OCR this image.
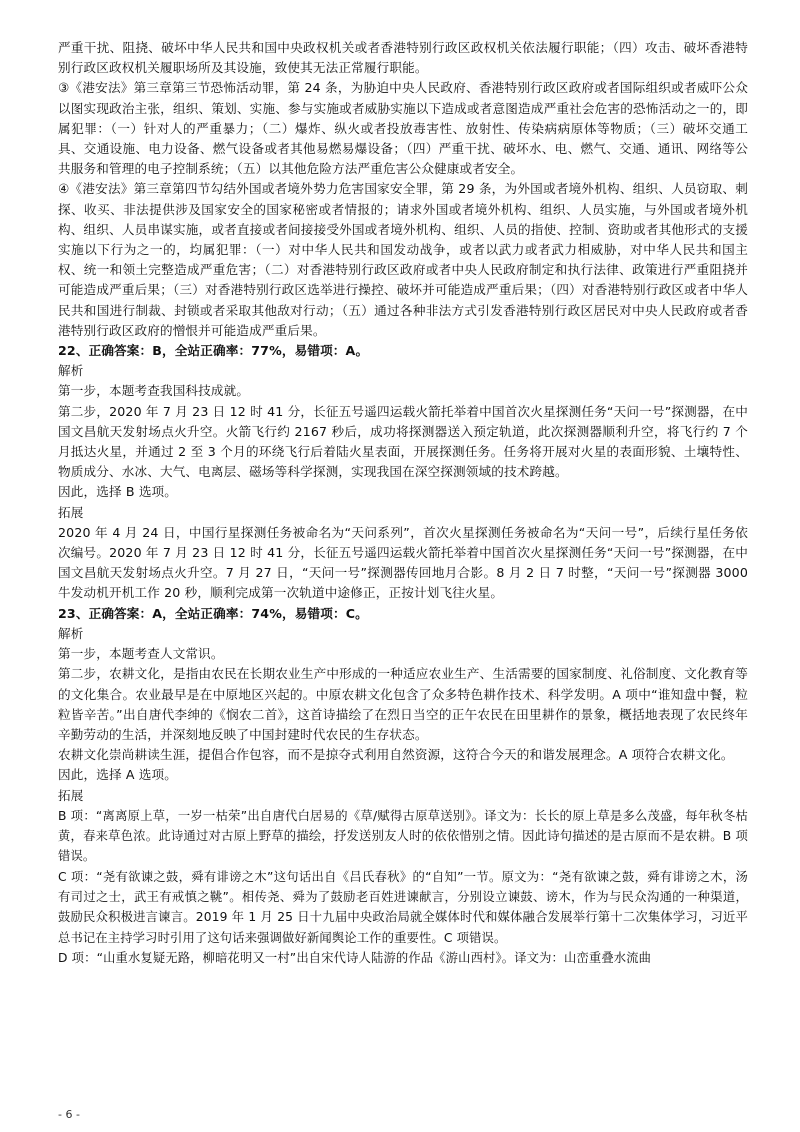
严重干扰、阻挠、破坏中华人民共和国中央政权机关或者香港特别行政区政权机关依法履行职能；（四）攻击、破坏香港特别行政区政权机关履职场所及其设施，致使其无法正常履行职能。

③《港安法》第三章第三节恐怖活动罪，第 24 条，为胁迫中央人民政府、香港特别行政区政府或者国际组织或者威吓公众以图实现政治主张，组织、策划、实施、参与实施或者威胁实施以下造成或者意图造成严重社会危害的恐怖活动之一的，即属犯罪：（一）针对人的严重暴力；（二）爆炸、纵火或者投放毒害性、放射性、传染病病原体等物质；（三）破坏交通工具、交通设施、电力设备、燃气设备或者其他易燃易爆设备；（四）严重干扰、破坏水、电、燃气、交通、通讯、网络等公共服务和管理的电子控制系统；（五）以其他危险方法严重危害公众健康或者安全。

④《港安法》第三章第四节勾结外国或者境外势力危害国家安全罪，第 29 条，为外国或者境外机构、组织、人员窃取、刺探、收买、非法提供涉及国家安全的国家秘密或者情报的；请求外国或者境外机构、组织、人员实施，与外国或者境外机构、组织、人员串谋实施，或者直接或者间接接受外国或者境外机构、组织、人员的指使、控制、资助或者其他形式的支援实施以下行为之一的，均属犯罪：（一）对中华人民共和国发动战争，或者以武力或者武力相威胁，对中华人民共和国主权、统一和领土完整造成严重危害；（二）对香港特别行政区政府或者中央人民政府制定和执行法律、政策进行严重阻挠并可能造成严重后果；（三）对香港特别行政区选举进行操控、破坏并可能造成严重后果；（四）对香港特别行政区或者中华人民共和国进行制裁、封锁或者采取其他敌对行动；（五）通过各种非法方式引发香港特别行政区居民对中央人民政府或者香港特别行政区政府的憎恨并可能造成严重后果。

22、正确答案：B，全站正确率：77%，易错项：A。

解析

第一步，本题考查我国科技成就。

第二步，2020 年 7 月 23 日 12 时 41 分，长征五号遥四运载火箭托举着中国首次火星探测任务“天问一号”探测器，在中国文昌航天发射场点火升空。火箭飞行约 2167 秒后，成功将探测器送入预定轨道，此次探测器顺利升空，将飞行约 7 个月抵达火星，并通过 2 至 3 个月的环绕飞行后着陆火星表面，开展探测任务。任务将开展对火星的表面形貌、土壤特性、物质成分、水冰、大气、电离层、磁场等科学探测，实现我国在深空探测领域的技术跨越。

因此，选择 B 选项。

拓展

2020 年 4 月 24 日，中国行星探测任务被命名为“天问系列”，首次火星探测任务被命名为“天问一号”，后续行星任务依次编号。2020 年 7 月 23 日 12 时 41 分，长征五号遥四运载火箭托举着中国首次火星探测任务“天问一号”探测器，在中国文昌航天发射场点火升空。7 月 27 日，“天问一号”探测器传回地月合影。8 月 2 日 7 时整，“天问一号”探测器 3000 牛发动机开机工作 20 秒，顺利完成第一次轨道中途修正，正按计划飞往火星。

23、正确答案：A，全站正确率：74%，易错项：C。

解析

第一步，本题考查人文常识。

第二步，农耕文化，是指由农民在长期农业生产中形成的一种适应农业生产、生活需要的国家制度、礼俗制度、文化教育等的文化集合。农业最早是在中原地区兴起的。中原农耕文化包含了众多特色耕作技术、科学发明。A 项中“谁知盘中餐，粒粒皆辛苦。”出自唐代李绅的《悯农二首》，这首诗描绘了在烈日当空的正午农民在田里耕作的景象，概括地表现了农民终年辛勤劳动的生活，并深刻地反映了中国封建时代农民的生存状态。

农耕文化崇尚耕读生涯，提倡合作包容，而不是掠夺式利用自然资源，这符合今天的和谐发展理念。A 项符合农耕文化。

因此，选择 A 选项。

拓展

B 项：“离离原上草，一岁一枯荣”出自唐代白居易的《草/赋得古原草送别》。译文为：长长的原上草是多么茂盛，每年秋冬枯黄，春来草色浓。此诗通过对古原上野草的描绘，抒发送别友人时的依依惜别之情。因此诗句描述的是古原而不是农耕。B 项错误。

C 项：“尧有欲谏之鼓，舜有诽谤之木”这句话出自《吕氏春秋》的“自知”一节。原文为：“尧有欲谏之鼓，舜有诽谤之木，汤有司过之士，武王有戒慎之鞉”。相传尧、舜为了鼓励老百姓进谏献言，分别设立谏鼓、谤木，作为与民众沟通的一种渠道，鼓励民众积极进言谏言。2019 年 1 月 25 日十九届中央政治局就全媒体时代和媒体融合发展举行第十二次集体学习，习近平总书记在主持学习时引用了这句话来强调做好新闻舆论工作的重要性。C 项错误。

D 项：“山重水复疑无路，柳暗花明又一村”出自宋代诗人陆游的作品《游山西村》。译文为：山峦重叠水流曲

- 6 -
